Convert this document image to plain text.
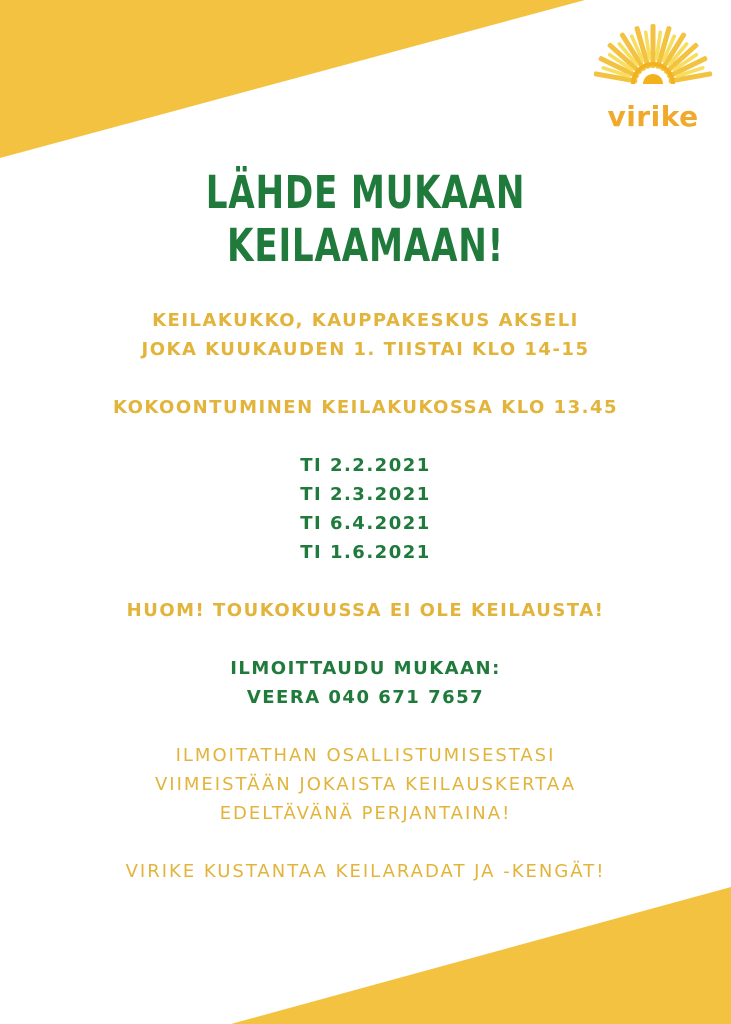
virike
LÄHDE MUKAAN KEILAAMAAN!

KEILAKUKKO, KAUPPAKESKUS AKSELI

JOKA KUUKAUDEN 1. TIISTAI KLO 14-15

KOKOONTUMINEN KEILAKUKOSSA KLO 13.45

TI 2.2.2021

TI 2.3.2021

TI 6.4.2021

TI 1.6.2021

HUOM! TOUKOKUUSSA EI OLE KEILAUSTA!

ILMOITTAUDU MUKAAN:

VEERA 040 671 7657

ILMOITATHAN OSALLISTUMISESTASI

VIIMEISTÄÄN JOKAISTA KEILAUSKERTAA

EDELTÄVÄNÄ PERJANTAINA!

VIRIKE KUSTANTAA KEILARADAT JA -KENGÄT!
